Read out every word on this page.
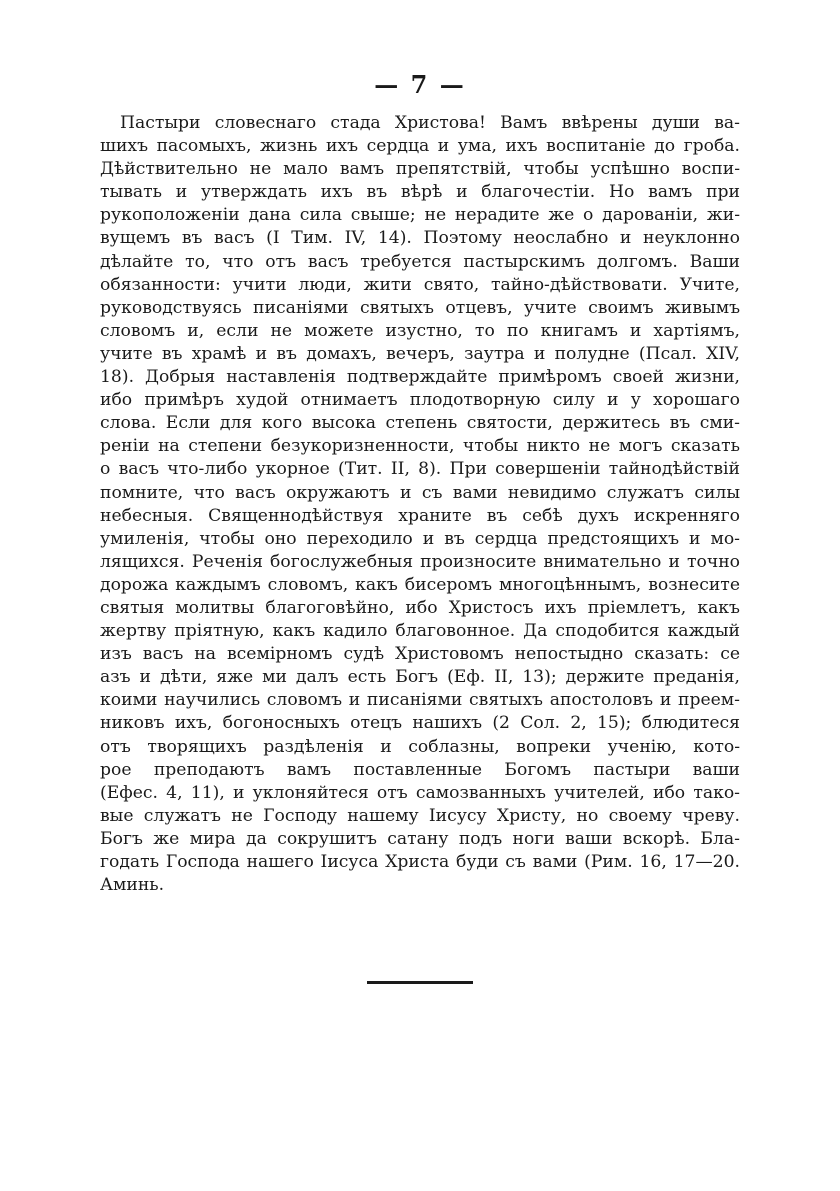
— 7 —
Пастыри словеснаго стада Христова! Вамъ ввѣрены души ва-
шихъ пасомыхъ, жизнь ихъ сердца и ума, ихъ воспитаніе до гроба.
Дѣйствительно не мало вамъ препятствій, чтобы успѣшно воспи-
тывать и утверждать ихъ въ вѣрѣ и благочестіи. Но вамъ при
рукоположеніи дана сила свыше; не нерадите же о дарованіи, жи-
вущемъ въ васъ (I Тим. IV, 14). Поэтому неослабно и неуклонно
дѣлайте то, что отъ васъ требуется пастырскимъ долгомъ. Ваши
обязанности: учити люди, жити свято, тайно-дѣйствовати. Учите,
руководствуясь писаніями святыхъ отцевъ, учите своимъ живымъ
словомъ и, если не можете изустно, то по книгамъ и хартіямъ,
учите въ храмѣ и въ домахъ, вечеръ, заутра и полудне (Псал. XIV,
18). Добрыя наставленія подтверждайте примѣромъ своей жизни,
ибо примѣръ худой отнимаетъ плодотворную силу и у хорошаго
слова. Если для кого высока степень святости, держитесь въ сми-
реніи на степени безукоризненности, чтобы никто не могъ сказать
о васъ что-либо укорное (Тит. II, 8). При совершеніи тайнодѣйствій
помните, что васъ окружаютъ и съ вами невидимо служатъ силы
небесныя. Священнодѣйствуя храните въ себѣ духъ искренняго
умиленія, чтобы оно переходило и въ сердца предстоящихъ и мо-
лящихся. Реченія богослужебныя произносите внимательно и точно
дорожа каждымъ словомъ, какъ бисеромъ многоцѣннымъ, вознесите
святыя молитвы благоговѣйно, ибо Христосъ ихъ пріемлетъ, какъ
жертву пріятную, какъ кадило благовонное. Да сподобится каждый
изъ васъ на всемірномъ судѣ Христовомъ непостыдно сказать: се
азъ и дѣти, яже ми далъ есть Богъ (Еф. II, 13); держите преданія,
коими научились словомъ и писаніями святыхъ апостоловъ и преем-
никовъ ихъ, богоносныхъ отецъ нашихъ (2 Сол. 2, 15); блюдитеся
отъ творящихъ раздѣленія и соблазны, вопреки ученію, кото-
рое преподаютъ вамъ поставленные Богомъ пастыри ваши
(Ефес. 4, 11), и уклоняйтеся отъ самозванныхъ учителей, ибо тако-
вые служатъ не Господу нашему Іисусу Христу, но своему чреву.
Богъ же мира да сокрушитъ сатану подъ ноги ваши вскорѣ. Бла-
годать Господа нашего Іисуса Христа буди съ вами (Рим. 16, 17—20.
Аминь.
